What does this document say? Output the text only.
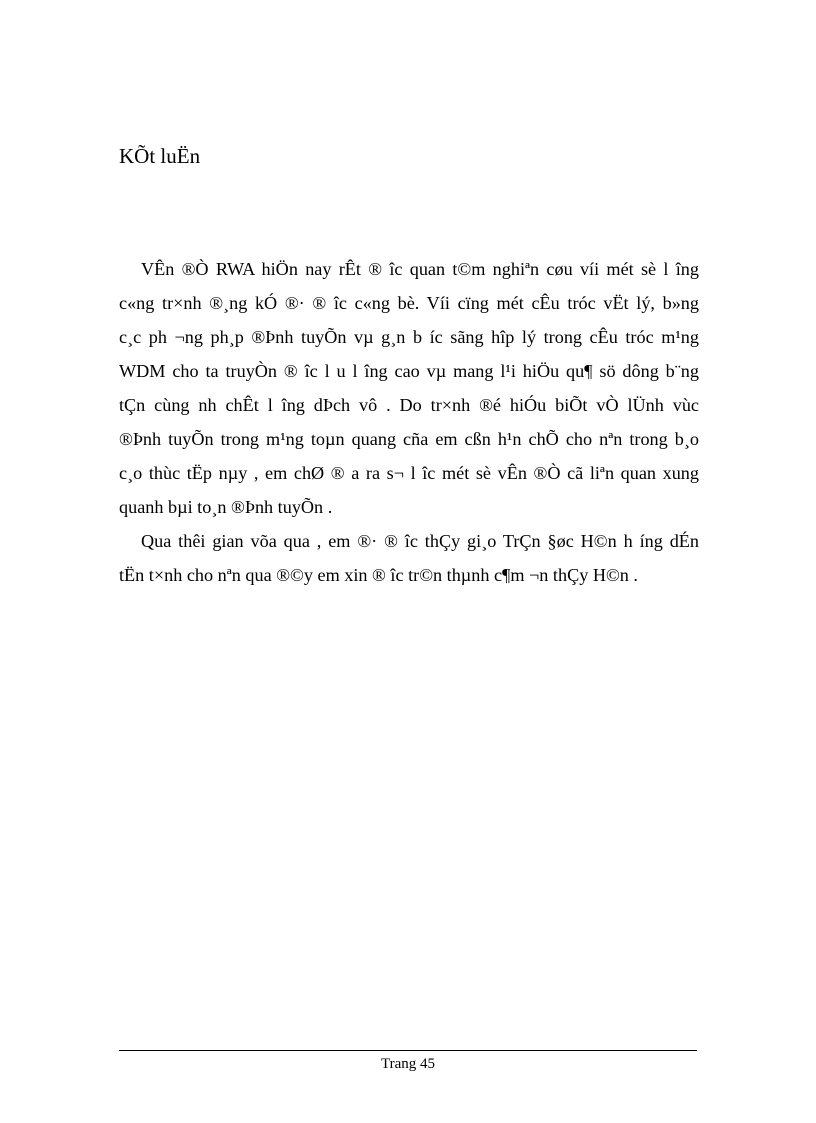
KÕt luËn
VÊn ®Ò RWA hiÖn nay rÊt ® îc quan t©m nghiªn cøu víi mét sè l îng
c«ng tr×nh ®¸ng kÓ ®· ® îc c«ng bè. Víi cïng mét cÊu tróc vËt lý, b»ng
c¸c ph ¬ng ph¸p ®Þnh tuyÕn vµ g¸n b íc sãng hîp lý trong cÊu tróc m¹ng
WDM cho ta truyÒn ® îc l u l îng cao vµ mang l¹i hiÖu qu¶ sö dông b¨ng
tÇn cùng nh chÊt l îng dÞch vô . Do tr×nh ®é hiÓu biÕt vÒ lÜnh vùc
®Þnh tuyÕn trong m¹ng toµn quang cña em cßn h¹n chÕ cho nªn trong b¸o
c¸o thùc tËp nµy , em chØ ® a ra s¬ l îc mét sè vÊn ®Ò cã liªn quan xung
quanh bµi to¸n ®Þnh tuyÕn .
Qua thêi gian võa qua , em ®· ® îc thÇy gi¸o TrÇn §øc H©n h íng dÉn
tËn t×nh cho nªn qua ®©y em xin ® îc tr©n thµnh c¶m ¬n thÇy H©n .
Trang 45
